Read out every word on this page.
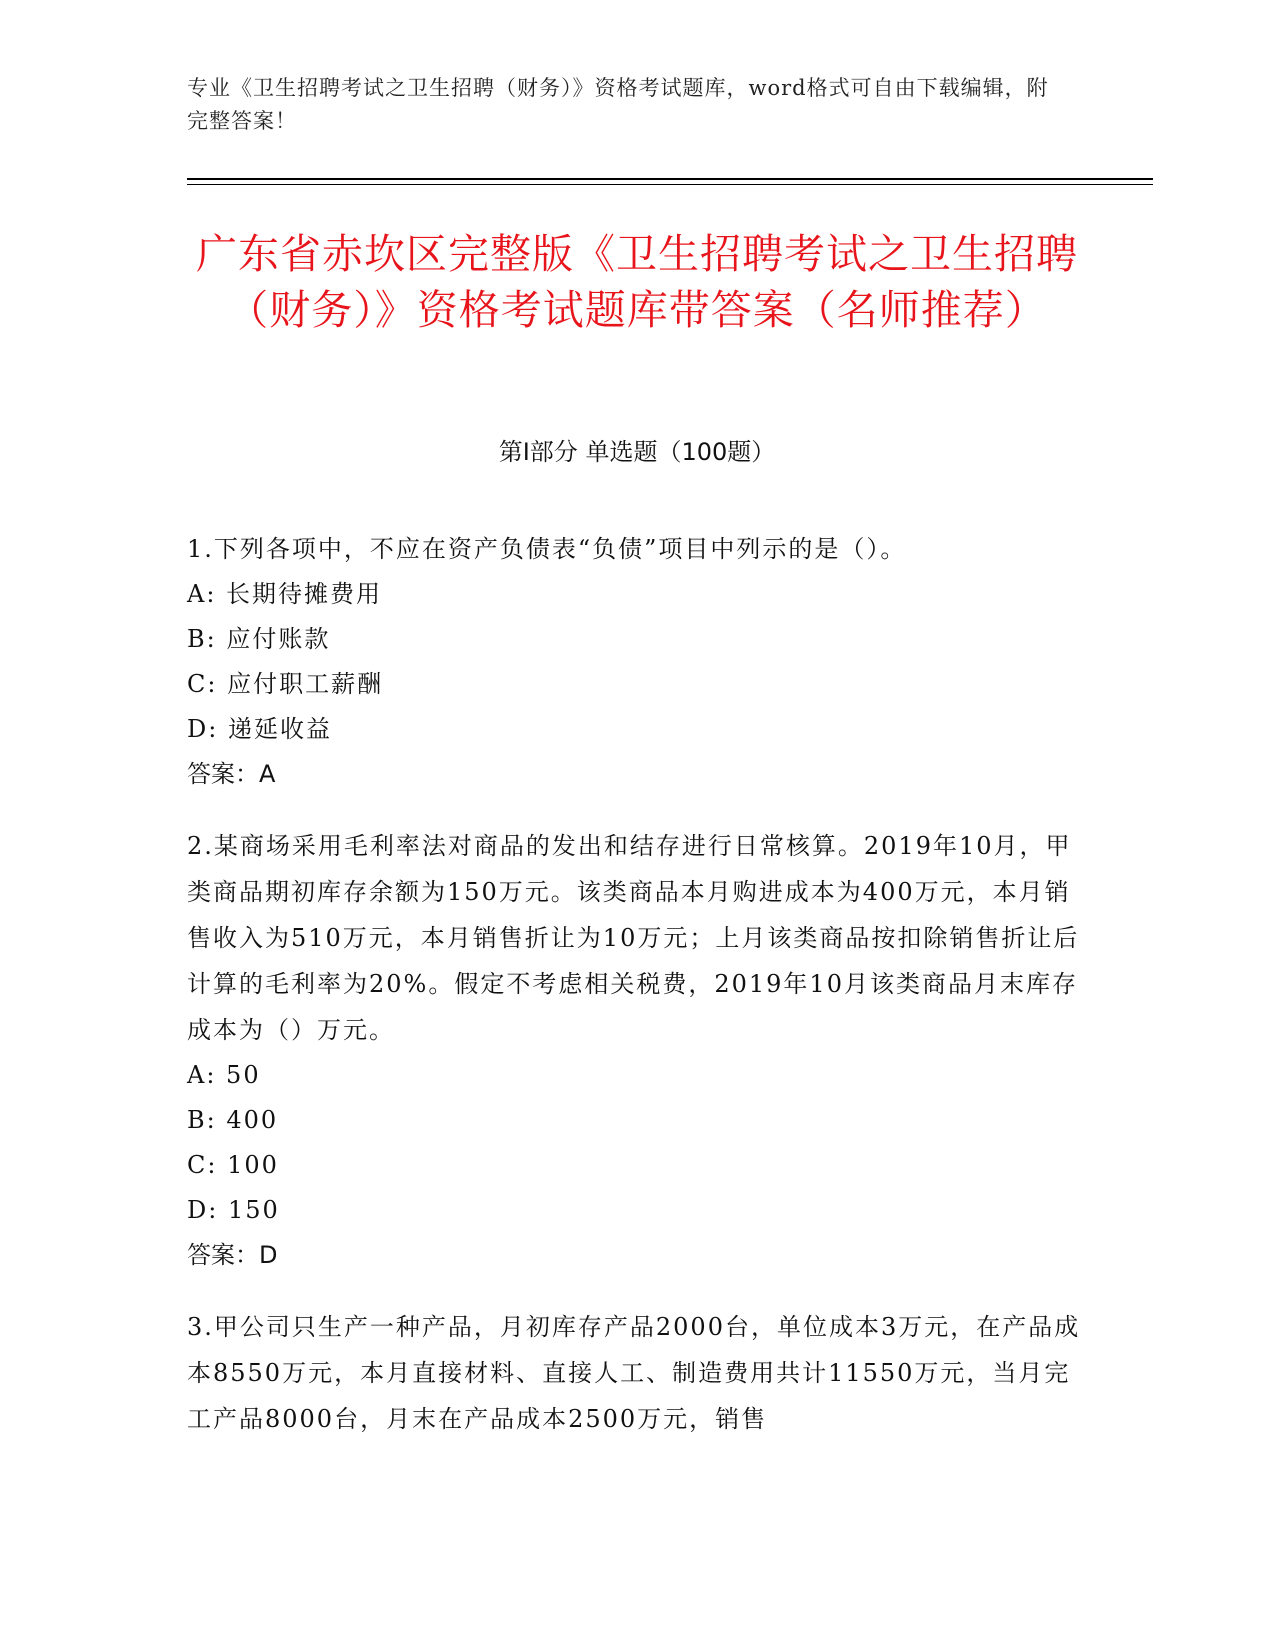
专业《卫生招聘考试之卫生招聘（财务）》资格考试题库，word格式可自由下载编辑，附完整答案！
广东省赤坎区完整版《卫生招聘考试之卫生招聘（财务）》资格考试题库带答案（名师推荐）
第I部分 单选题（100题）

1.下列各项中，不应在资产负债表“负债”项目中列示的是（）。

A: 长期待摊费用

B: 应付账款

C: 应付职工薪酬

D: 递延收益

答案：A

2.某商场采用毛利率法对商品的发出和结存进行日常核算。2019年10月，甲类商品期初库存余额为150万元。该类商品本月购进成本为400万元，本月销售收入为510万元，本月销售折让为10万元；上月该类商品按扣除销售折让后计算的毛利率为20%。假定不考虑相关税费，2019年10月该类商品月末库存成本为（）万元。

A: 50

B: 400

C: 100

D: 150

答案：D

3.甲公司只生产一种产品，月初库存产品2000台，单位成本3万元，在产品成本8550万元，本月直接材料、直接人工、制造费用共计11550万元，当月完工产品8000台，月末在产品成本2500万元，销售
